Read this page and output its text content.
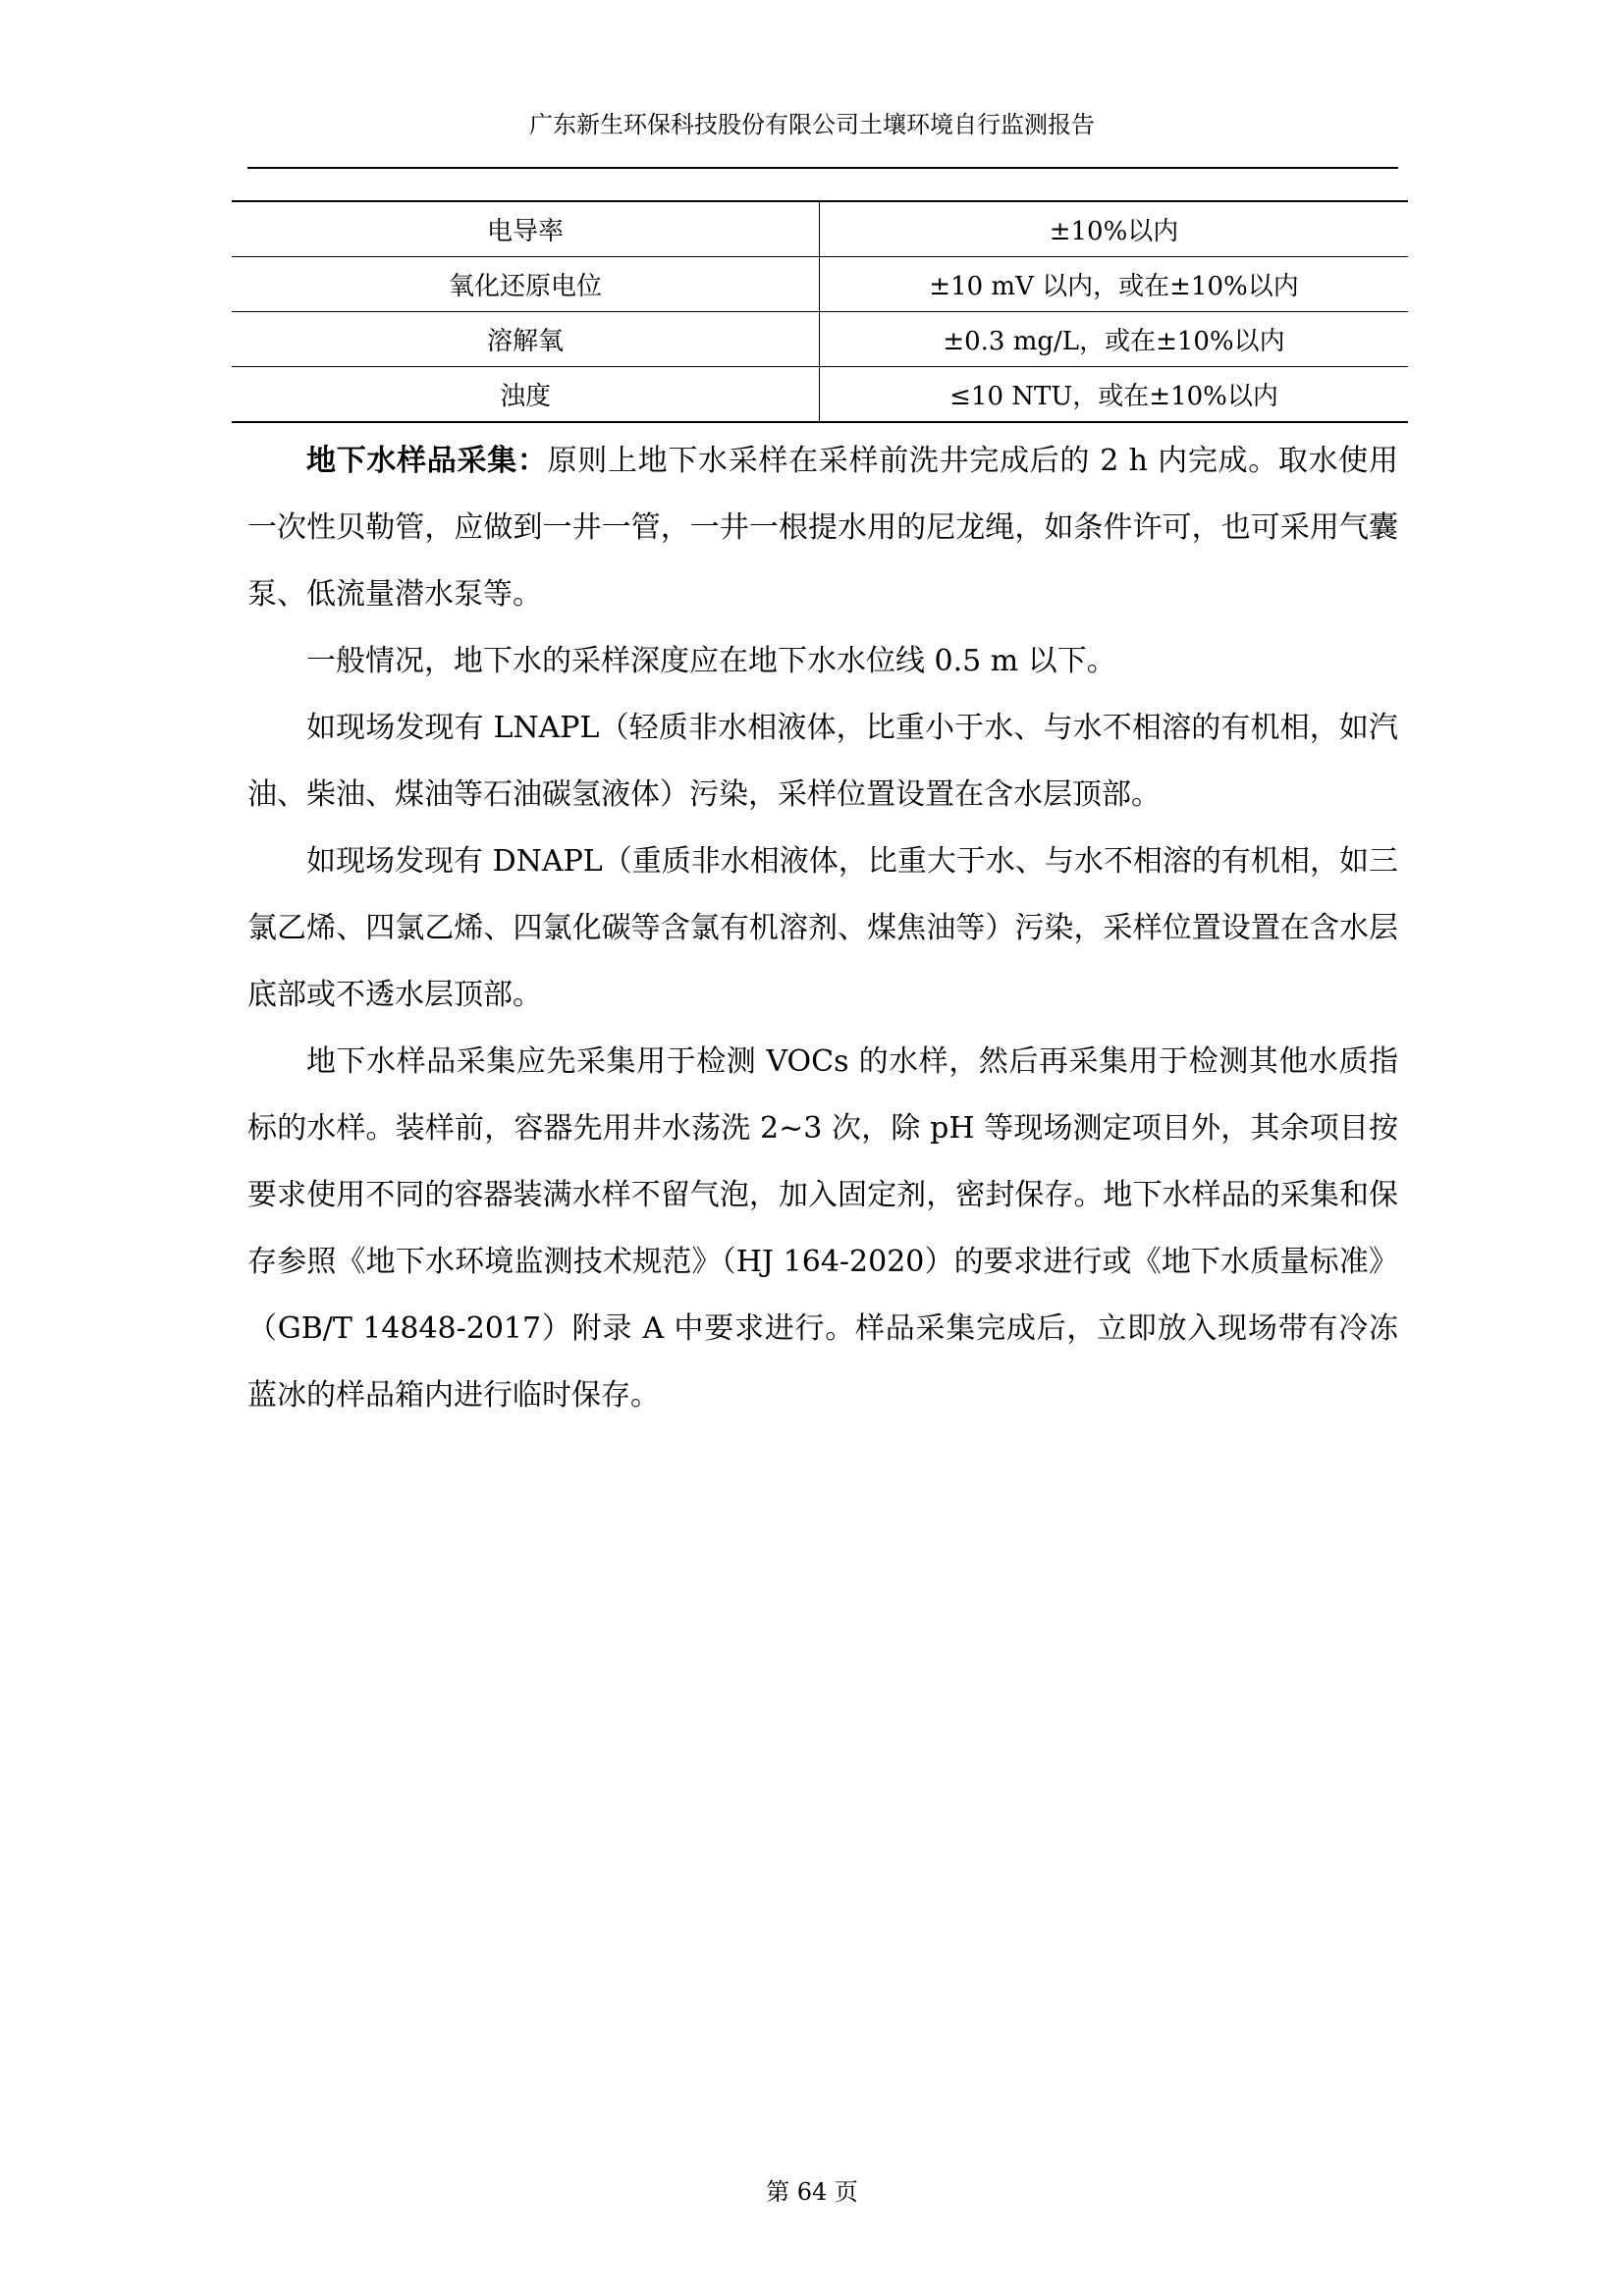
广东新生环保科技股份有限公司土壤环境自行监测报告
电导率	±10%以内
氧化还原电位	±10 mV 以内，或在±10%以内
溶解氧	±0.3 mg/L，或在±10%以内
浊度	≤10 NTU，或在±10%以内

地下水样品采集：原则上地下水采样在采样前洗井完成后的 2 h 内完成。取水使用一次性贝勒管，应做到一井一管，一井一根提水用的尼龙绳，如条件许可，也可采用气囊泵、低流量潜水泵等。

一般情况，地下水的采样深度应在地下水水位线 0.5 m 以下。

如现场发现有 LNAPL（轻质非水相液体，比重小于水、与水不相溶的有机相，如汽油、柴油、煤油等石油碳氢液体）污染，采样位置设置在含水层顶部。

如现场发现有 DNAPL（重质非水相液体，比重大于水、与水不相溶的有机相，如三氯乙烯、四氯乙烯、四氯化碳等含氯有机溶剂、煤焦油等）污染，采样位置设置在含水层底部或不透水层顶部。

地下水样品采集应先采集用于检测 VOCs 的水样，然后再采集用于检测其他水质指标的水样。装样前，容器先用井水荡洗 2~3 次，除 pH 等现场测定项目外，其余项目按要求使用不同的容器装满水样不留气泡，加入固定剂，密封保存。地下水样品的采集和保存参照《地下水环境监测技术规范》（HJ 164-2020）的要求进行或《地下水质量标准》（GB/T 14848-2017）附录 A 中要求进行。样品采集完成后，立即放入现场带有冷冻蓝冰的样品箱内进行临时保存。

第 64 页
